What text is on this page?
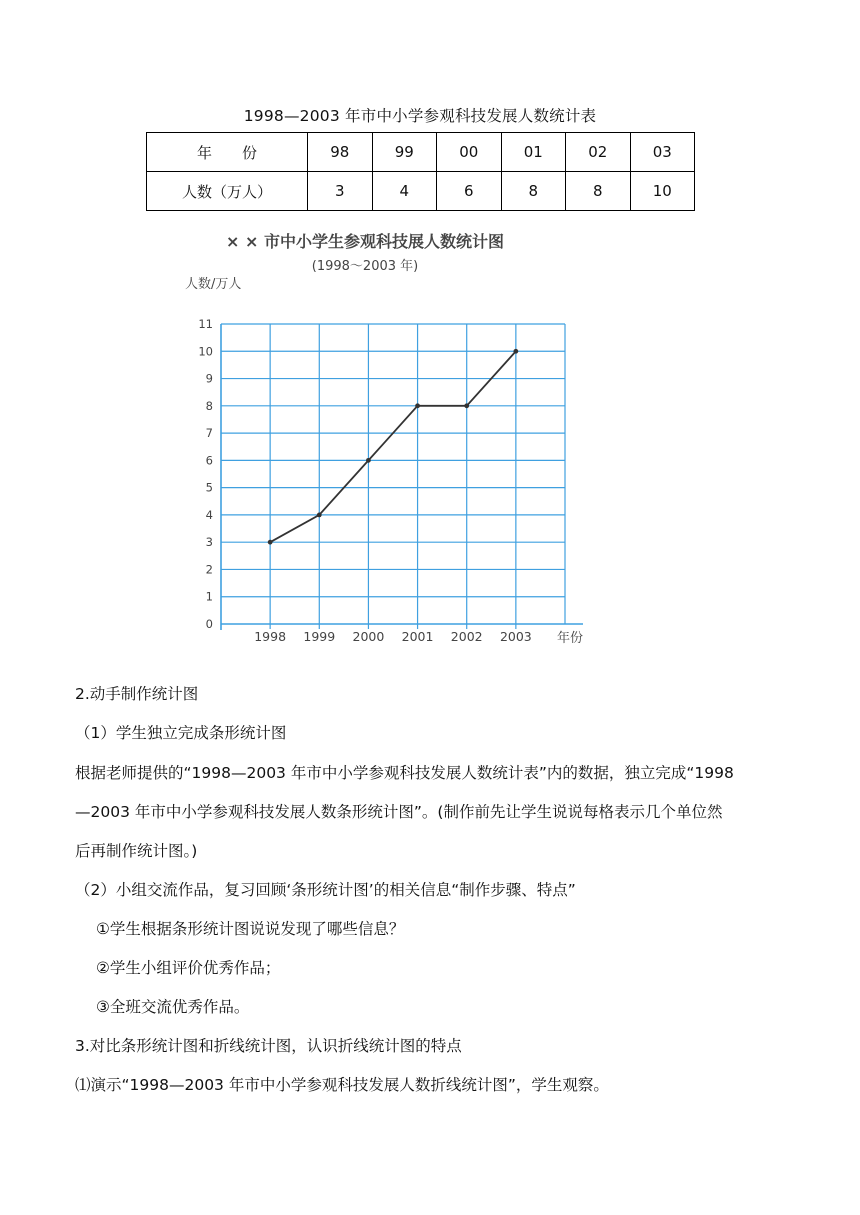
1998—2003 年市中小学参观科技发展人数统计表
年　　份	98	99	00	01	02	03
人数（万人）	3	4	6	8	8	10
× × 市中小学生参观科技展人数统计图
(1998～2003 年)
人数/万人
0
1
2
3
4
5
6
7
8
9
10
11
1998 1999 2000 2001 2002 2003 年份
2.动手制作统计图
（1）学生独立完成条形统计图
根据老师提供的“1998—2003 年市中小学参观科技发展人数统计表”内的数据，独立完成“1998
—2003 年市中小学参观科技发展人数条形统计图”。(制作前先让学生说说每格表示几个单位然
后再制作统计图。)
（2）小组交流作品，复习回顾‘条形统计图’的相关信息“制作步骤、特点”
①学生根据条形统计图说说发现了哪些信息？
②学生小组评价优秀作品；
③全班交流优秀作品。
3.对比条形统计图和折线统计图，认识折线统计图的特点
⑴演示“1998—2003 年市中小学参观科技发展人数折线统计图”，学生观察。
